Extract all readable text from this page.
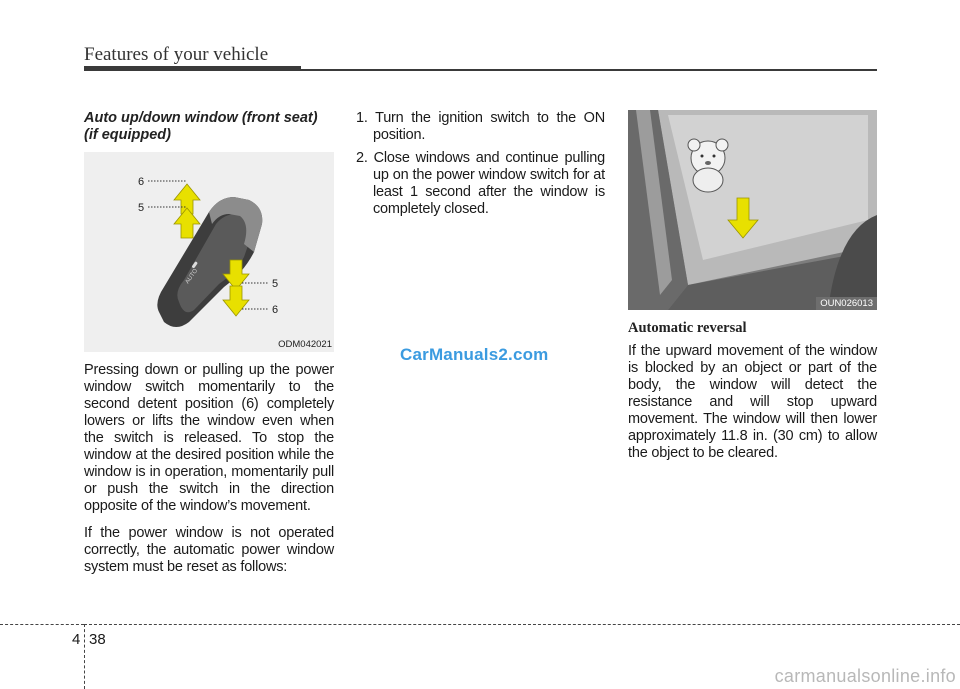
Features of your vehicle
Auto up/down window (front seat)
(if equipped)
AUTO
6
5
5
6
ODM042021

Pressing down or pulling up the power window switch momentarily to the second detent position (6) completely lowers or lifts the window even when the switch is released. To stop the window at the desired position while the window is in operation, momentarily pull or push the switch in the direction opposite of the window’s movement.

If the power window is not operated correctly, the automatic power window system must be reset as follows:

1. Turn the ignition switch to the ON position.
2. Close windows and continue pulling up on the power window switch for at least 1 second after the window is completely closed.
OUN026013
Automatic reversal

If the upward movement of the window is blocked by an object or part of the body, the window will detect the resistance and will stop upward movement. The window will then lower approximately 11.8 in. (30 cm) to allow the object to be cleared.

CarManuals2.com
4 38
carmanualsonline.info
